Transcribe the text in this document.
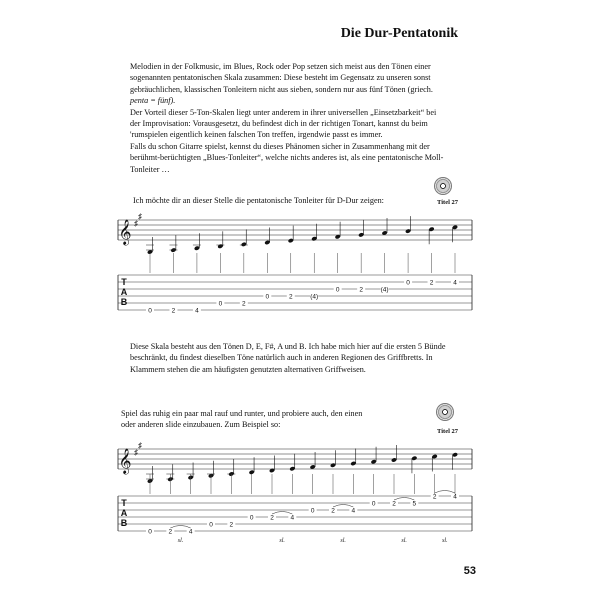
Die Dur-Pentatonik

Melodien in der Folkmusic, im Blues, Rock oder Pop setzen sich meist aus den Tönen einer
sogenannten pentatonischen Skala zusammen: Diese besteht im Gegensatz zu unseren sonst
gebräuchlichen, klassischen Tonleitern nicht aus sieben, sondern nur aus fünf Tönen (griech.
penta = fünf).
Der Vorteil dieser 5-Ton-Skalen liegt unter anderem in ihrer universellen „Einsetzbarkeit“ bei
der Improvisation: Vorausgesetzt, du befindest dich in der richtigen Tonart, kannst du beim
'rumspielen eigentlich keinen falschen Ton treffen, irgendwie passt es immer.
Falls du schon Gitarre spielst, kennst du dieses Phänomen sicher in Zusammenhang mit der
berühmt-berüchtigten „Blues-Tonleiter“, welche nichts anderes ist, als eine pentatonische Moll-
Tonleiter …

Ich möchte dir an dieser Stelle die pentatonische Tonleiter für D-Dur zeigen:	Titel 27

Diese Skala besteht aus den Tönen D, E, F#, A und B. Ich habe mich hier auf die ersten 5 Bünde
beschränkt, du findest dieselben Töne natürlich auch in anderen Regionen des Griffbretts. In
Klammern stehen die am häufigsten genutzten alternativen Griffweisen.

Spiel das ruhig ein paar mal rauf und runter, und probiere auch, den einen
oder anderen slide einzubauen. Zum Beispiel so:
Titel 27
𝄞 ♯
♯
T
A
B
0	2	4
0	2
0	2	(4)
0	2	(4)
0	2	4
𝄞 ♯
♯
T
A
B
0	2	4
0	2
0	2	4
0	2	4
0	2	5
2	4
sl.	sl.	sl.	sl.	sl.
53
